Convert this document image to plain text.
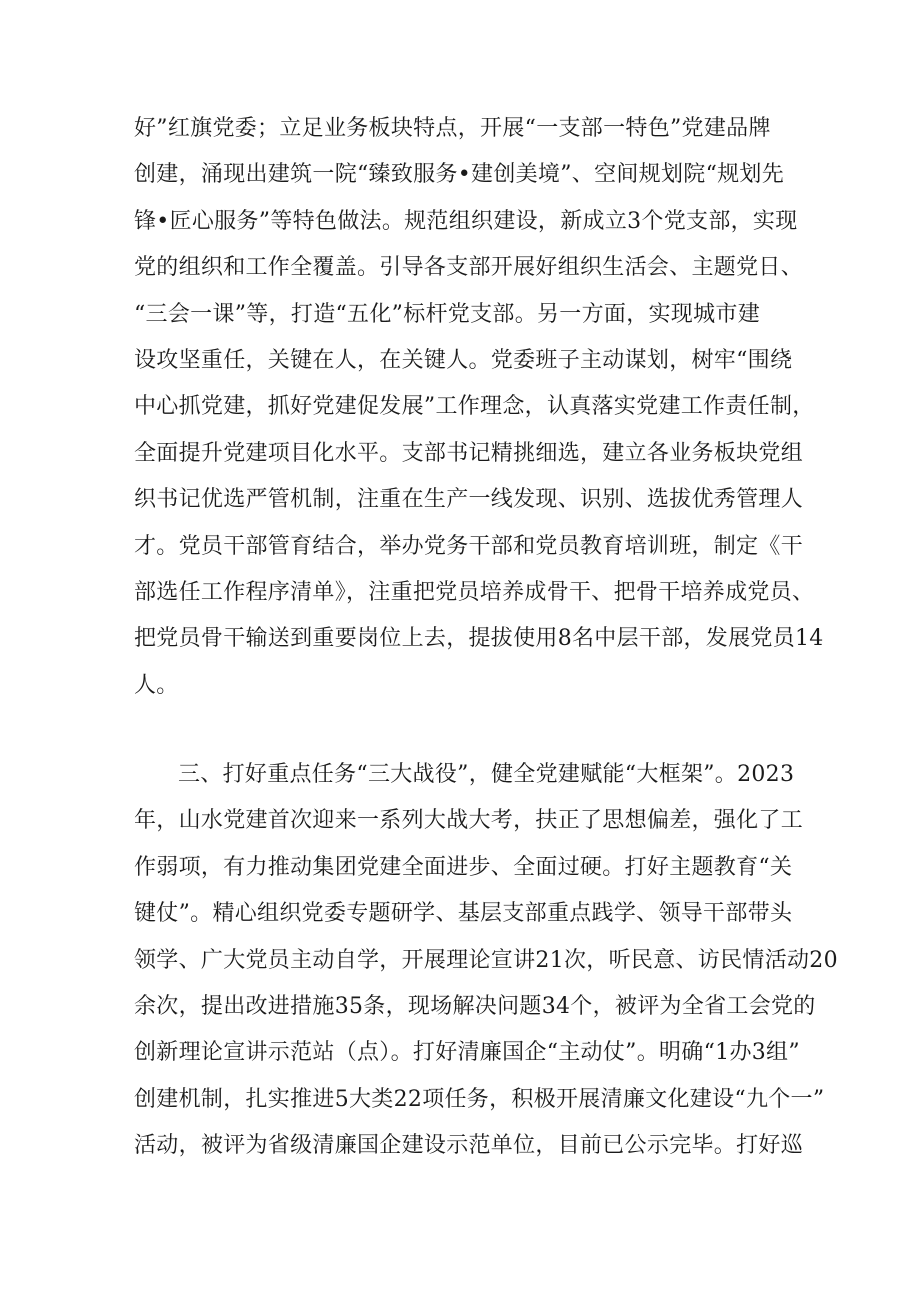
好”红旗党委；立足业务板块特点，开展“一支部一特色”党建品牌
创建，涌现出建筑一院“臻致服务•建创美境”、空间规划院“规划先
锋•匠心服务”等特色做法。规范组织建设，新成立3个党支部，实现
党的组织和工作全覆盖。引导各支部开展好组织生活会、主题党日、
“三会一课”等，打造“五化”标杆党支部。另一方面，实现城市建
设攻坚重任，关键在人，在关键人。党委班子主动谋划，树牢“围绕
中心抓党建，抓好党建促发展”工作理念，认真落实党建工作责任制，
全面提升党建项目化水平。支部书记精挑细选，建立各业务板块党组
织书记优选严管机制，注重在生产一线发现、识别、选拔优秀管理人
才。党员干部管育结合，举办党务干部和党员教育培训班，制定《干
部选任工作程序清单》，注重把党员培养成骨干、把骨干培养成党员、
把党员骨干输送到重要岗位上去，提拔使用8名中层干部，发展党员14
人。
三、打好重点任务“三大战役”，健全党建赋能“大框架”。2023
年，山水党建首次迎来一系列大战大考，扶正了思想偏差，强化了工
作弱项，有力推动集团党建全面进步、全面过硬。打好主题教育“关
键仗”。精心组织党委专题研学、基层支部重点践学、领导干部带头
领学、广大党员主动自学，开展理论宣讲21次，听民意、访民情活动20
余次，提出改进措施35条，现场解决问题34个，被评为全省工会党的
创新理论宣讲示范站（点）。打好清廉国企“主动仗”。明确“1办3组”
创建机制，扎实推进5大类22项任务，积极开展清廉文化建设“九个一”
活动，被评为省级清廉国企建设示范单位，目前已公示完毕。打好巡
